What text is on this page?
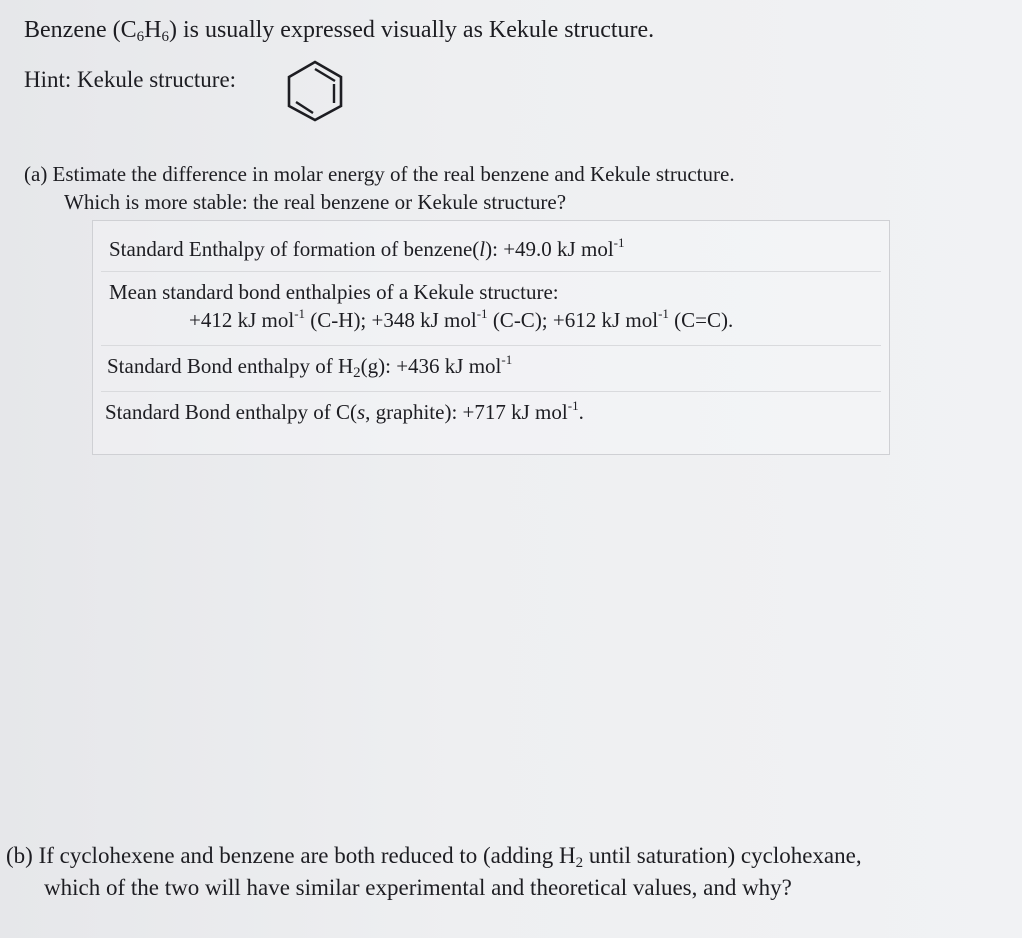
Benzene $(C_6H_6)$ is usually expressed visually as Kekule structure.
Hint: Kekule structure:
(a) Estimate the difference in molar energy of the real benzene and Kekule structure.
Which is more stable: the real benzene or Kekule structure?
Standard Enthalpy of formation of benzene(l): +49.0 kJ mol$^{-1}$
Mean standard bond enthalpies of a Kekule structure:
+412 kJ mol$^{-1}$ (C-H); +348 kJ mol$^{-1}$ (C-C); +612 kJ mol$^{-1}$ (C=C).
Standard Bond enthalpy of $H_2(g)$: +436 kJ mol$^{-1}$
Standard Bond enthalpy of C(s, graphite): +717 kJ mol$^{-1}$.
(b) If cyclohexene and benzene are both reduced to (adding $H_2$ until saturation) cyclohexane,
which of the two will have similar experimental and theoretical values, and why?
